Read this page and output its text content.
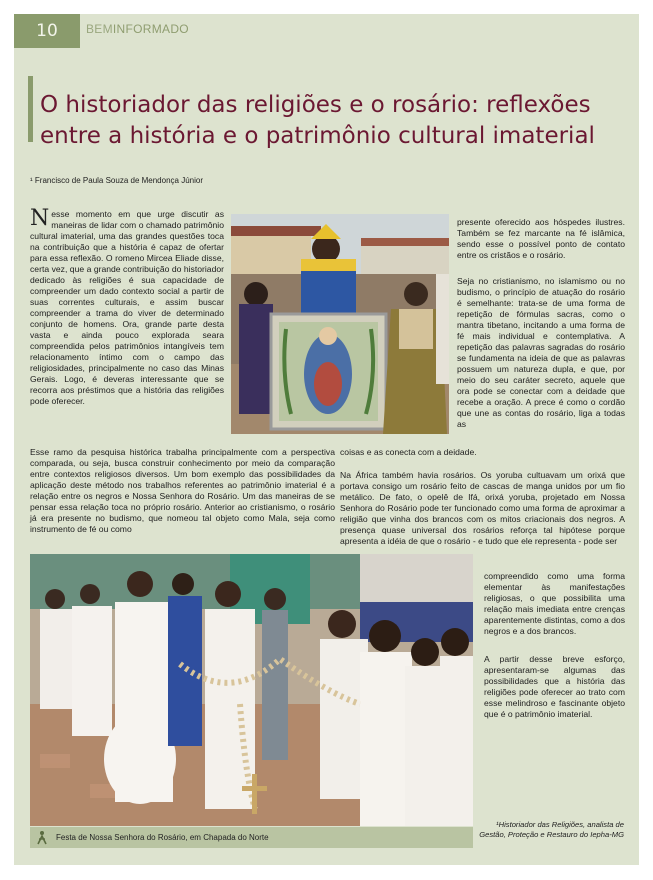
10	BEMINFORMADO
O historiador das religiões e o rosário: reflexões entre a história e o patrimônio cultural imaterial
¹ Francisco de Paula Souza de Mendonça Júnior
Nesse momento em que urge discutir as maneiras de lidar com o chamado patrimônio cultural imaterial, uma das grandes questões toca na contribuição que a história é capaz de ofertar para essa reflexão. O romeno Mircea Eliade disse, certa vez, que a grande contribuição do historiador dedicado às religiões é sua capacidade de compreender um dado contexto social a partir de suas correntes culturais, e assim buscar compreender a trama do viver de determinado conjunto de homens. Ora, grande parte desta vasta e ainda pouco explorada seara compreendida pelos patrimônios intangíveis tem relacionamento íntimo com o campo das religiosidades, principalmente no caso das Minas Gerais. Logo, é deveras interessante que se recorra aos préstimos que a história das religiões pode oferecer.
presente oferecido aos hóspedes ilustres. Também se fez marcante na fé islâmica, sendo esse o possível ponto de contato entre os cristãos e o rosário.
Seja no cristianismo, no islamismo ou no budismo, o princípio de atuação do rosário é semelhante: trata-se de uma forma de repetição de fórmulas sacras, como o mantra tibetano, incitando a uma forma de fé mais individual e contemplativa. A repetição das palavras sagradas do rosário se fundamenta na ideia de que as palavras possuem um natureza dupla, e que, por meio do seu caráter secreto, aquele que ora pode se conectar com a deidade que recebe a oração. A prece é como o cordão que une as contas do rosário, liga a todas as
Esse ramo da pesquisa histórica trabalha principalmente com a perspectiva comparada, ou seja, busca construir conhecimento por meio da comparação entre contextos religiosos diversos. Um bom exemplo das possibilidades da aplicação deste método nos trabalhos referentes ao patrimônio imaterial é a relação entre os negros e Nossa Senhora do Rosário. Um das maneiras de se pensar essa relação toca no próprio rosário. Anterior ao cristianismo, o rosário já era presente no budismo, que nomeou tal objeto como Mala, seja como instrumento de fé ou como
coisas e as conecta com a deidade.
Na África também havia rosários. Os yoruba cultuavam um orixá que portava consigo um rosário feito de cascas de manga unidos por um fio metálico. De fato, o opelê de Ifá, orixá yoruba, projetado em Nossa Senhora do Rosário pode ter funcionado como uma forma de aproximar a religião que vinha dos brancos com os mitos criacionais dos negros. A presença quase universal dos rosários reforça tal hipótese porque apresenta a idéia de que o rosário - e tudo que ele representa - pode ser
compreendido como uma forma elementar às manifestações religiosas, o que possibilita uma relação mais imediata entre crenças aparentemente distintas, como a dos negros e a dos brancos.
A partir desse breve esforço, apresentaram-se algumas das possibilidades que a história das religiões pode oferecer ao trato com esse melindroso e fascinante objeto que é o patrimônio imaterial.
¹Historiador das Religiões, analista de Gestão, Proteção e Restauro do Iepha-MG
Festa de Nossa Senhora do Rosário, em Chapada do Norte
